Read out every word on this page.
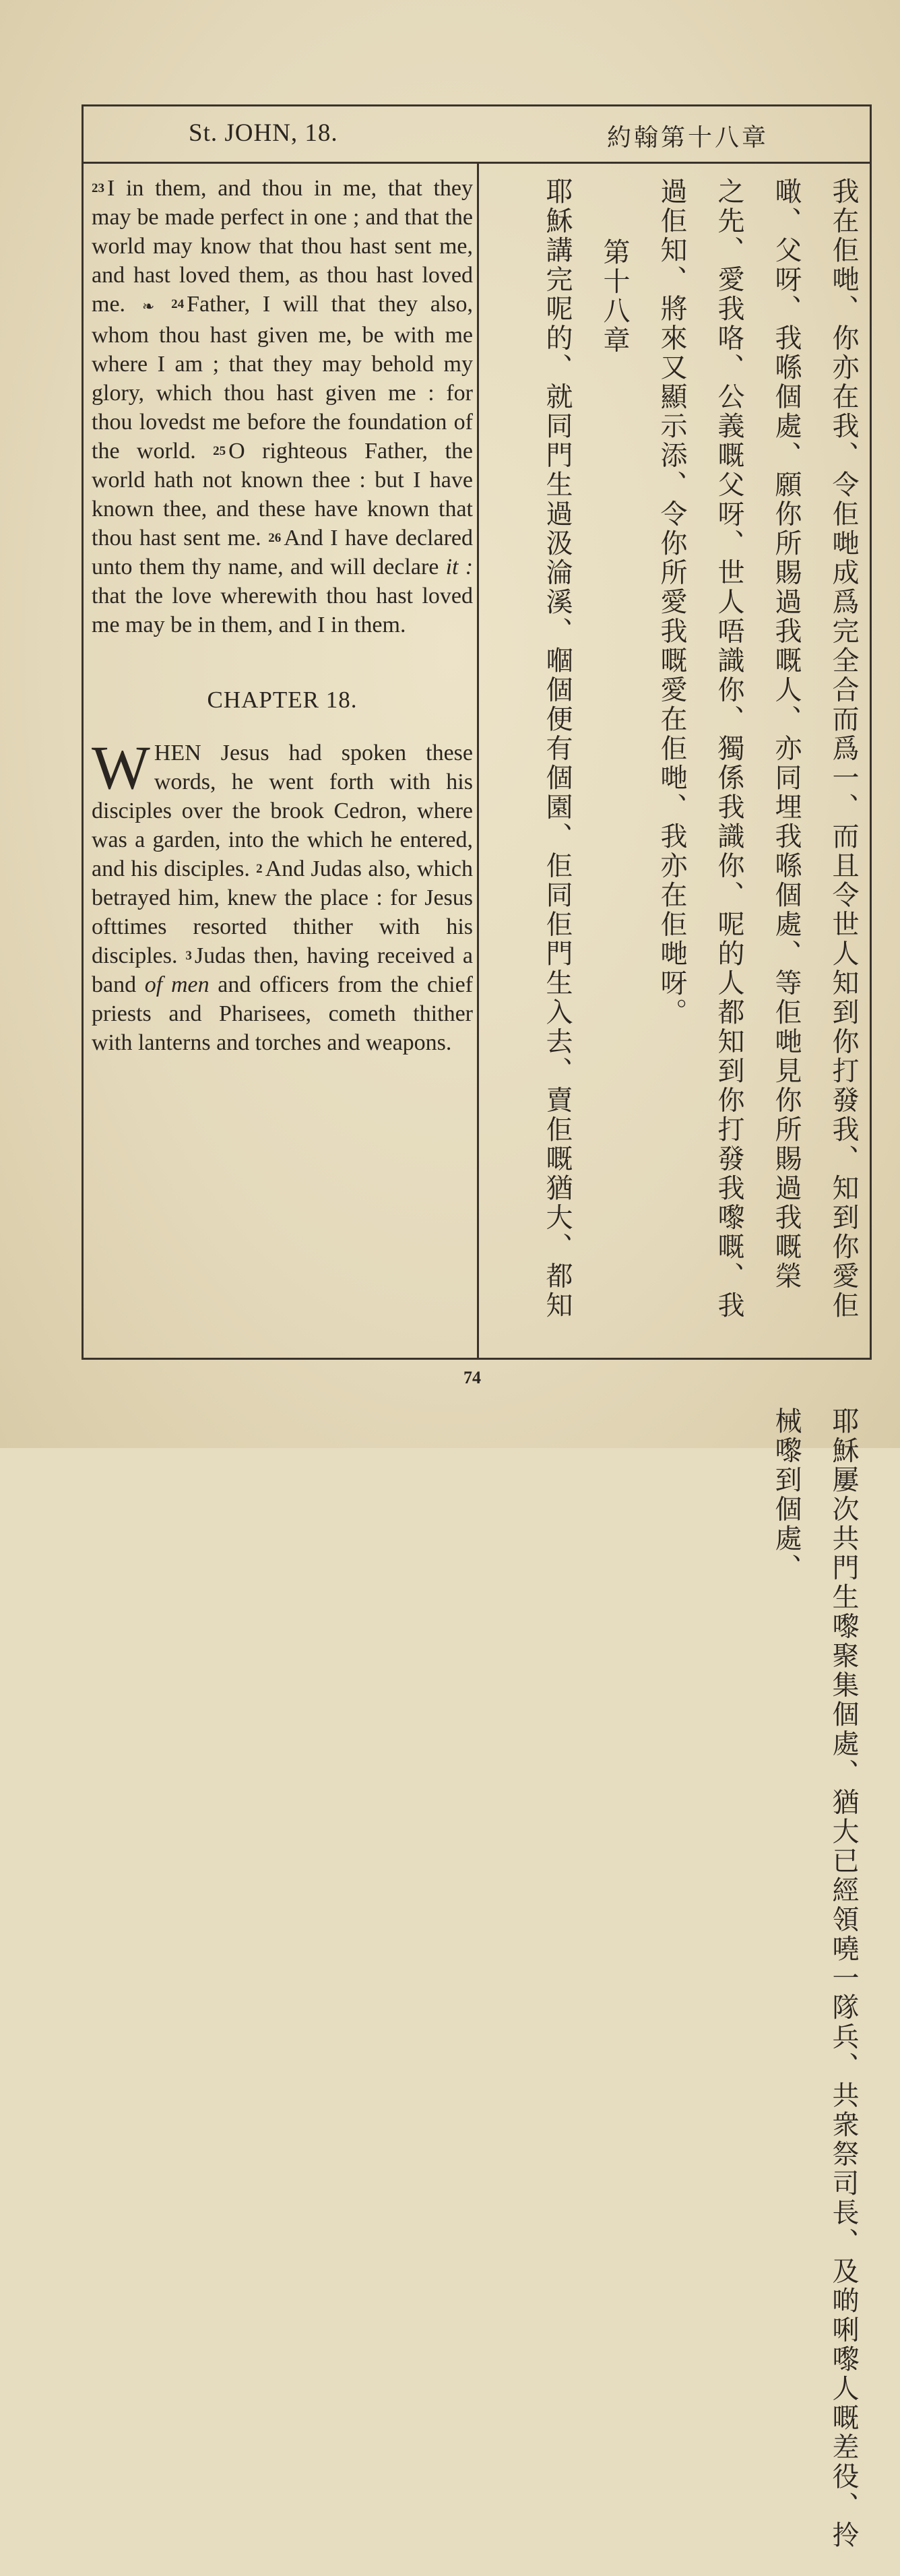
St. JOHN, 18.	約翰第十八章

23 I in them, and thou in me, that they may be made perfect in one ; and that the world may know that thou hast sent me, and hast loved them, as thou hast loved me. ❧ 24 Father, I will that they also, whom thou hast given me, be with me where I am ; that they may behold my glory, which thou hast given me : for thou lovedst me before the foundation of the world. 25 O righteous Father, the world hath not known thee : but I have known thee, and these have known that thou hast sent me. 26 And I have declared unto them thy name, and will declare it : that the love wherewith thou hast loved me may be in them, and I in them.

CHAPTER 18.

WHEN Jesus had spoken these words, he went forth with his disciples over the brook Cedron, where was a garden, into the which he entered, and his disciples. 2 And Judas also, which betrayed him, knew the place : for Jesus ofttimes resorted thither with his disciples. 3 Judas then, having received a band of men and officers from the chief priests and Pharisees, cometh thither with lanterns and torches and weapons.

我在佢哋、你亦在我、令佢哋成爲完全合而爲一、而且令世人知到你打發我、知到你愛佢噉、父呀、我喺個處、願你所賜過我嘅人、亦同埋我喺個處、等佢哋見你所賜過我嘅榮之先、愛我咯、公義嘅父呀、世人唔識你、獨係我識你、呢的人都知到你打發我嚟嘅、我過佢知、將來又顯示添、令你所愛我嘅愛在佢哋、我亦在佢哋呀。第十八章耶穌講完呢的、就同門生過汲淪溪、嗰個便有個園、佢同佢門生入去、賣佢嘅猶大、都知耶穌屢次共門生嚟聚集個處、猶大已經領嘵一隊兵、共衆祭司長、及啲唎嚟人嘅差役、拎械嚟到個處、
74
